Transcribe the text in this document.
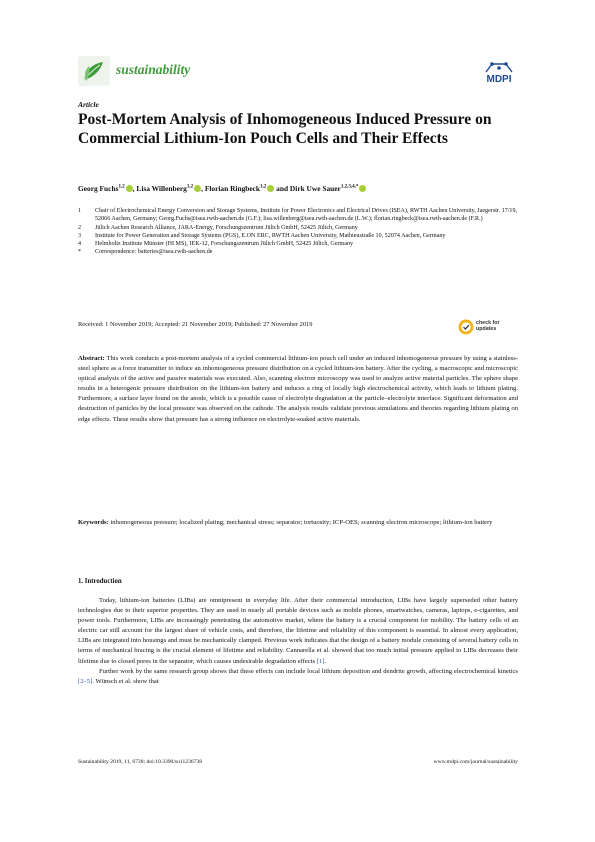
sustainability
MDPI
Article
Post-Mortem Analysis of Inhomogeneous Induced Pressure on Commercial Lithium-Ion Pouch Cells and Their Effects
Georg Fuchs$^{1,2}$ , Lisa Willenberg$^{1,2}$ , Florian Ringbeck$^{1,2}$ and Dirk Uwe Sauer$^{1,2,3,4,*}$
1	Chair of Electrochemical Energy Conversion and Storage Systems, Institute for Power Electronics and Electrical Drives (ISEA), RWTH Aachen University, Jaegerstr. 17/19, 52066 Aachen, Germany; Georg.Fuchs@isea.rwth-aachen.de (G.F.); lisa.willenberg@isea.rwth-aachen.de (L.W.); florian.ringbeck@isea.rwth-aachen.de (F.R.)
2	Jülich Aachen Research Alliance, JARA-Energy, Forschungszentrum Jülich GmbH, 52425 Jülich, Germany
3	Institute for Power Generation and Storage Systems (PGS), E.ON ERC, RWTH Aachen University, Mathieustraße 10, 52074 Aachen, Germany
4	Helmholtz Institute Münster (HI MS), IEK-12, Forschungszentrum Jülich GmbH, 52425 Jülich, Germany
*	Correspondence: batteries@isea.rwth-aachen.de
Received: 1 November 2019; Accepted: 21 November 2019; Published: 27 November 2019	check for
updates
Abstract: This work conducts a post-mortem analysis of a cycled commercial lithium-ion pouch cell under an induced inhomogeneous pressure by using a stainless-steel sphere as a force transmitter to induce an inhomogeneous pressure distribution on a cycled lithium-ion battery. After the cycling, a macroscopic and microscopic optical analysis of the active and passive materials was executed. Also, scanning electron microscopy was used to analyze active material particles. The sphere shape results in a heterogenic pressure distribution on the lithium-ion battery and induces a ring of locally high electrochemical activity, which leads to lithium plating. Furthermore, a surface layer found on the anode, which is a possible cause of electrolyte degradation at the particle–electrolyte interface. Significant deformation and destruction of particles by the local pressure was observed on the cathode. The analysis results validate previous simulations and theories regarding lithium plating on edge effects. These results show that pressure has a strong influence on electrolyte-soaked active materials.
Keywords: inhomogeneous pressure; localized plating; mechanical stress; separator; tortuosity; ICP-OES; scanning electron microscope; lithium-ion battery
1. Introduction

Today, lithium-ion batteries (LIBs) are omnipresent in everyday life. After their commercial introduction, LIBs have largely superseded other battery technologies due to their superior properties. They are used in nearly all portable devices such as mobile phones, smartwatches, cameras, laptops, e-cigarettes, and power tools. Furthermore, LIBs are increasingly penetrating the automotive market, where the battery is a crucial component for mobility. The battery cells of an electric car still account for the largest share of vehicle costs, and therefore, the lifetime and reliability of this component is essential. In almost every application, LIBs are integrated into housings and must be mechanically clamped. Previous work indicates that the design of a battery module consisting of several battery cells in terms of mechanical bracing is the crucial element of lifetime and reliability. Cannarella et al. showed that too much initial pressure applied to LIBs decreases their lifetime due to closed pores in the separator, which causes undesirable degradation effects [1].

Further work by the same research group shows that these effects can include local lithium deposition and dendrite growth, affecting electrochemical kinetics [2–5]. Wünsch et al. show that

Sustainability 2019, 11, 6738; doi:10.3390/su11236738	www.mdpi.com/journal/sustainability
